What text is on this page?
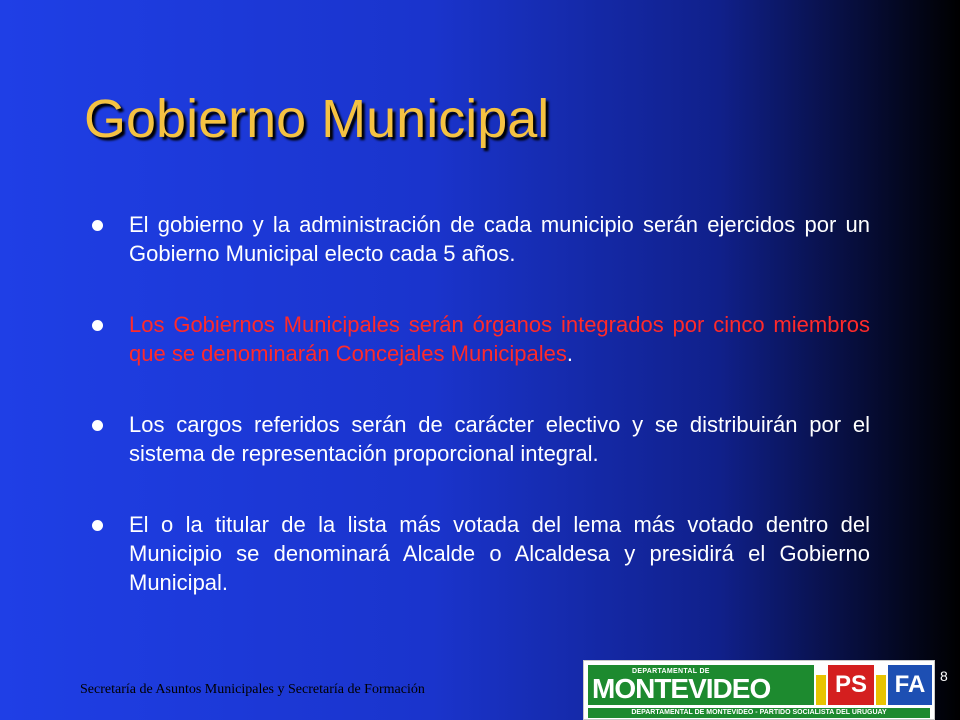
Gobierno Municipal
El gobierno y la administración de cada municipio serán ejercidos por un Gobierno Municipal electo cada 5 años.
Los Gobiernos Municipales serán órganos integrados por cinco miembros que se denominarán Concejales Municipales.
Los cargos referidos serán de carácter electivo y se distribuirán por el sistema de representación proporcional integral.
El o la titular de la lista más votada del lema más votado dentro del Municipio se denominará Alcalde o Alcaldesa y presidirá el Gobierno Municipal.
Secretaría de Asuntos Municipales y Secretaría de Formación
DEPARTAMENTAL DE
MONTEVIDEO	PS FA
DEPARTAMENTAL DE MONTEVIDEO - PARTIDO SOCIALISTA DEL URUGUAY
8
